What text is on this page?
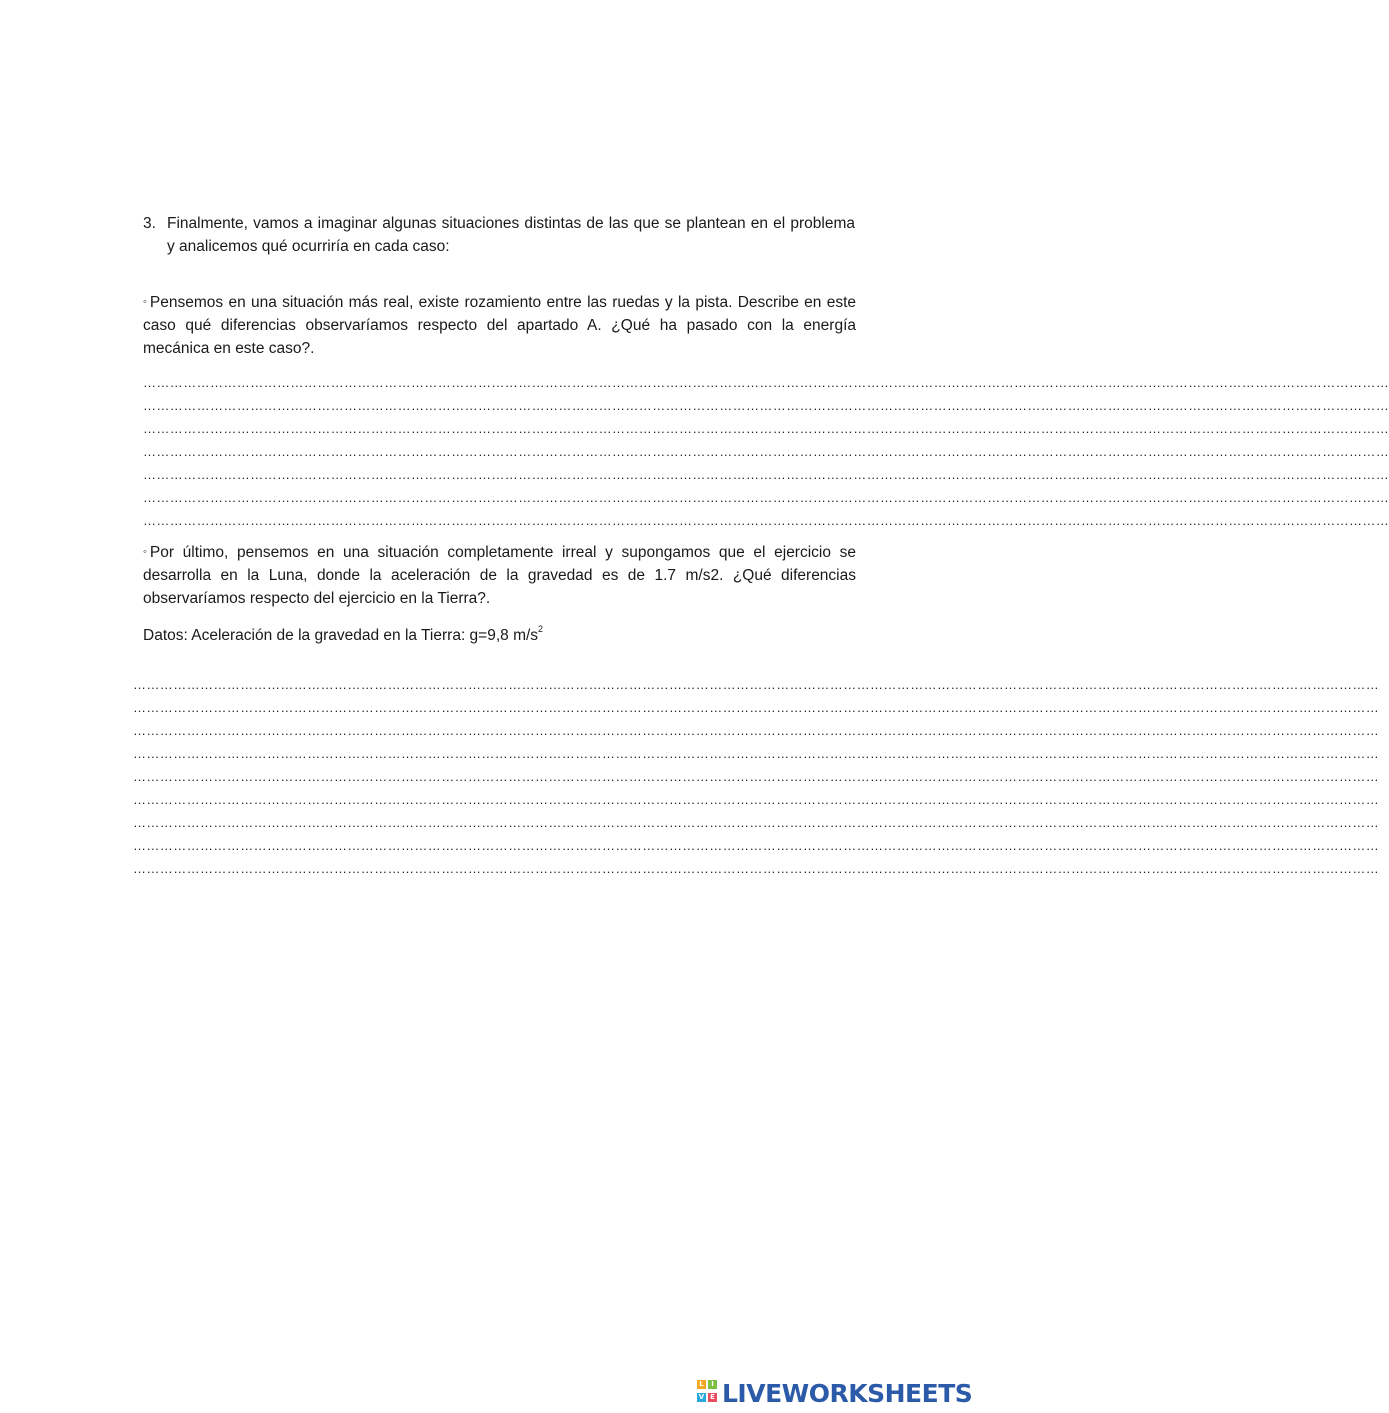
3. Finalmente, vamos a imaginar algunas situaciones distintas de las que se plantean en el problema y analicemos qué ocurriría en cada caso:
◦ Pensemos en una situación más real, existe rozamiento entre las ruedas y la pista. Describe en este caso qué diferencias observaríamos respecto del apartado A. ¿Qué ha pasado con la energía mecánica en este caso?.
………………………………………………………………………………………………………………………………………………………………………………………………………………………………………………………
………………………………………………………………………………………………………………………………………………………………………………………………………………………………………………………
………………………………………………………………………………………………………………………………………………………………………………………………………………………………………………………
………………………………………………………………………………………………………………………………………………………………………………………………………………………………………………………
………………………………………………………………………………………………………………………………………………………………………………………………………………………………………………………
………………………………………………………………………………………………………………………………………………………………………………………………………………………………………………………
………………………………………………………………………………………………………………………………………………………………………………………………………………………………………………………
◦ Por último, pensemos en una situación completamente irreal y supongamos que el ejercicio se desarrolla en la Luna, donde la aceleración de la gravedad es de 1.7 m/s2. ¿Qué diferencias observaríamos respecto del ejercicio en la Tierra?.
Datos: Aceleración de la gravedad en la Tierra: g=9,8 $m/s^2$
………………………………………………………………………………………………………………………………………………………………………………………………………………………………………………………
………………………………………………………………………………………………………………………………………………………………………………………………………………………………………………………
………………………………………………………………………………………………………………………………………………………………………………………………………………………………………………………
………………………………………………………………………………………………………………………………………………………………………………………………………………………………………………………
………………………………………………………………………………………………………………………………………………………………………………………………………………………………………………………
………………………………………………………………………………………………………………………………………………………………………………………………………………………………………………………
………………………………………………………………………………………………………………………………………………………………………………………………………………………………………………………
………………………………………………………………………………………………………………………………………………………………………………………………………………………………………………………
………………………………………………………………………………………………………………………………………………………………………………………………………………………………………………………
L	I
V E LIVEWORKSHEETS
